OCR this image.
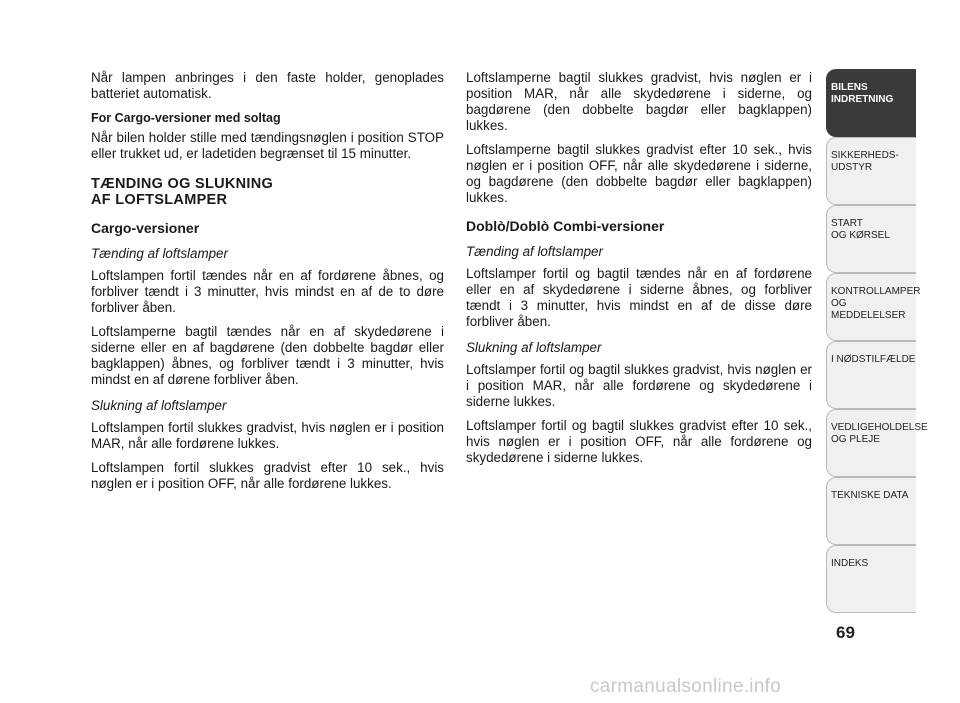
Når lampen anbringes i den faste holder, genoplades batteriet automatisk.

For Cargo-versioner med soltag

Når bilen holder stille med tændingsnøglen i position STOP eller trukket ud, er ladetiden begrænset til 15 minutter.

TÆNDING OG SLUKNING
AF LOFTSLAMPER

Cargo-versioner

Tænding af loftslamper

Loftslampen fortil tændes når en af fordørene åbnes, og forbliver tændt i 3 minutter, hvis mindst en af de to døre forbliver åben.

Loftslamperne bagtil tændes når en af skydedørene i siderne eller en af bagdørene (den dobbelte bagdør eller bagklappen) åbnes, og forbliver tændt i 3 minutter, hvis mindst en af dørene forbliver åben.

Slukning af loftslamper

Loftslampen fortil slukkes gradvist, hvis nøglen er i position MAR, når alle fordørene lukkes.

Loftslampen fortil slukkes gradvist efter 10 sek., hvis nøglen er i position OFF, når alle fordørene lukkes.

Loftslamperne bagtil slukkes gradvist, hvis nøglen er i position MAR, når alle skydedørene i siderne, og bagdørene (den dobbelte bagdør eller bagklappen) lukkes.

Loftslamperne bagtil slukkes gradvist efter 10 sek., hvis nøglen er i position OFF, når alle skydedørene i siderne, og bagdørene (den dobbelte bagdør eller bagklappen) lukkes.

Doblò/Doblò Combi-versioner

Tænding af loftslamper

Loftslamper fortil og bagtil tændes når en af fordørene eller en af skydedørene i siderne åbnes, og forbliver tændt i 3 minutter, hvis mindst en af de disse døre forbliver åben.

Slukning af loftslamper

Loftslamper fortil og bagtil slukkes gradvist, hvis nøglen er i position MAR, når alle fordørene og skydedørene i siderne lukkes.

Loftslamper fortil og bagtil slukkes gradvist efter 10 sek., hvis nøglen er i position OFF, når alle fordørene og skydedørene i siderne lukkes.

BILENS
INDRETNING
SIKKERHEDS-
UDSTYR
START
OG KØRSEL
KONTROLLAMPER
OG MEDDELELSER
I NØDSTILFÆLDE
VEDLIGEHOLDELSE
OG PLEJE
TEKNISKE DATA
INDEKS
69
carmanualsonline.info
